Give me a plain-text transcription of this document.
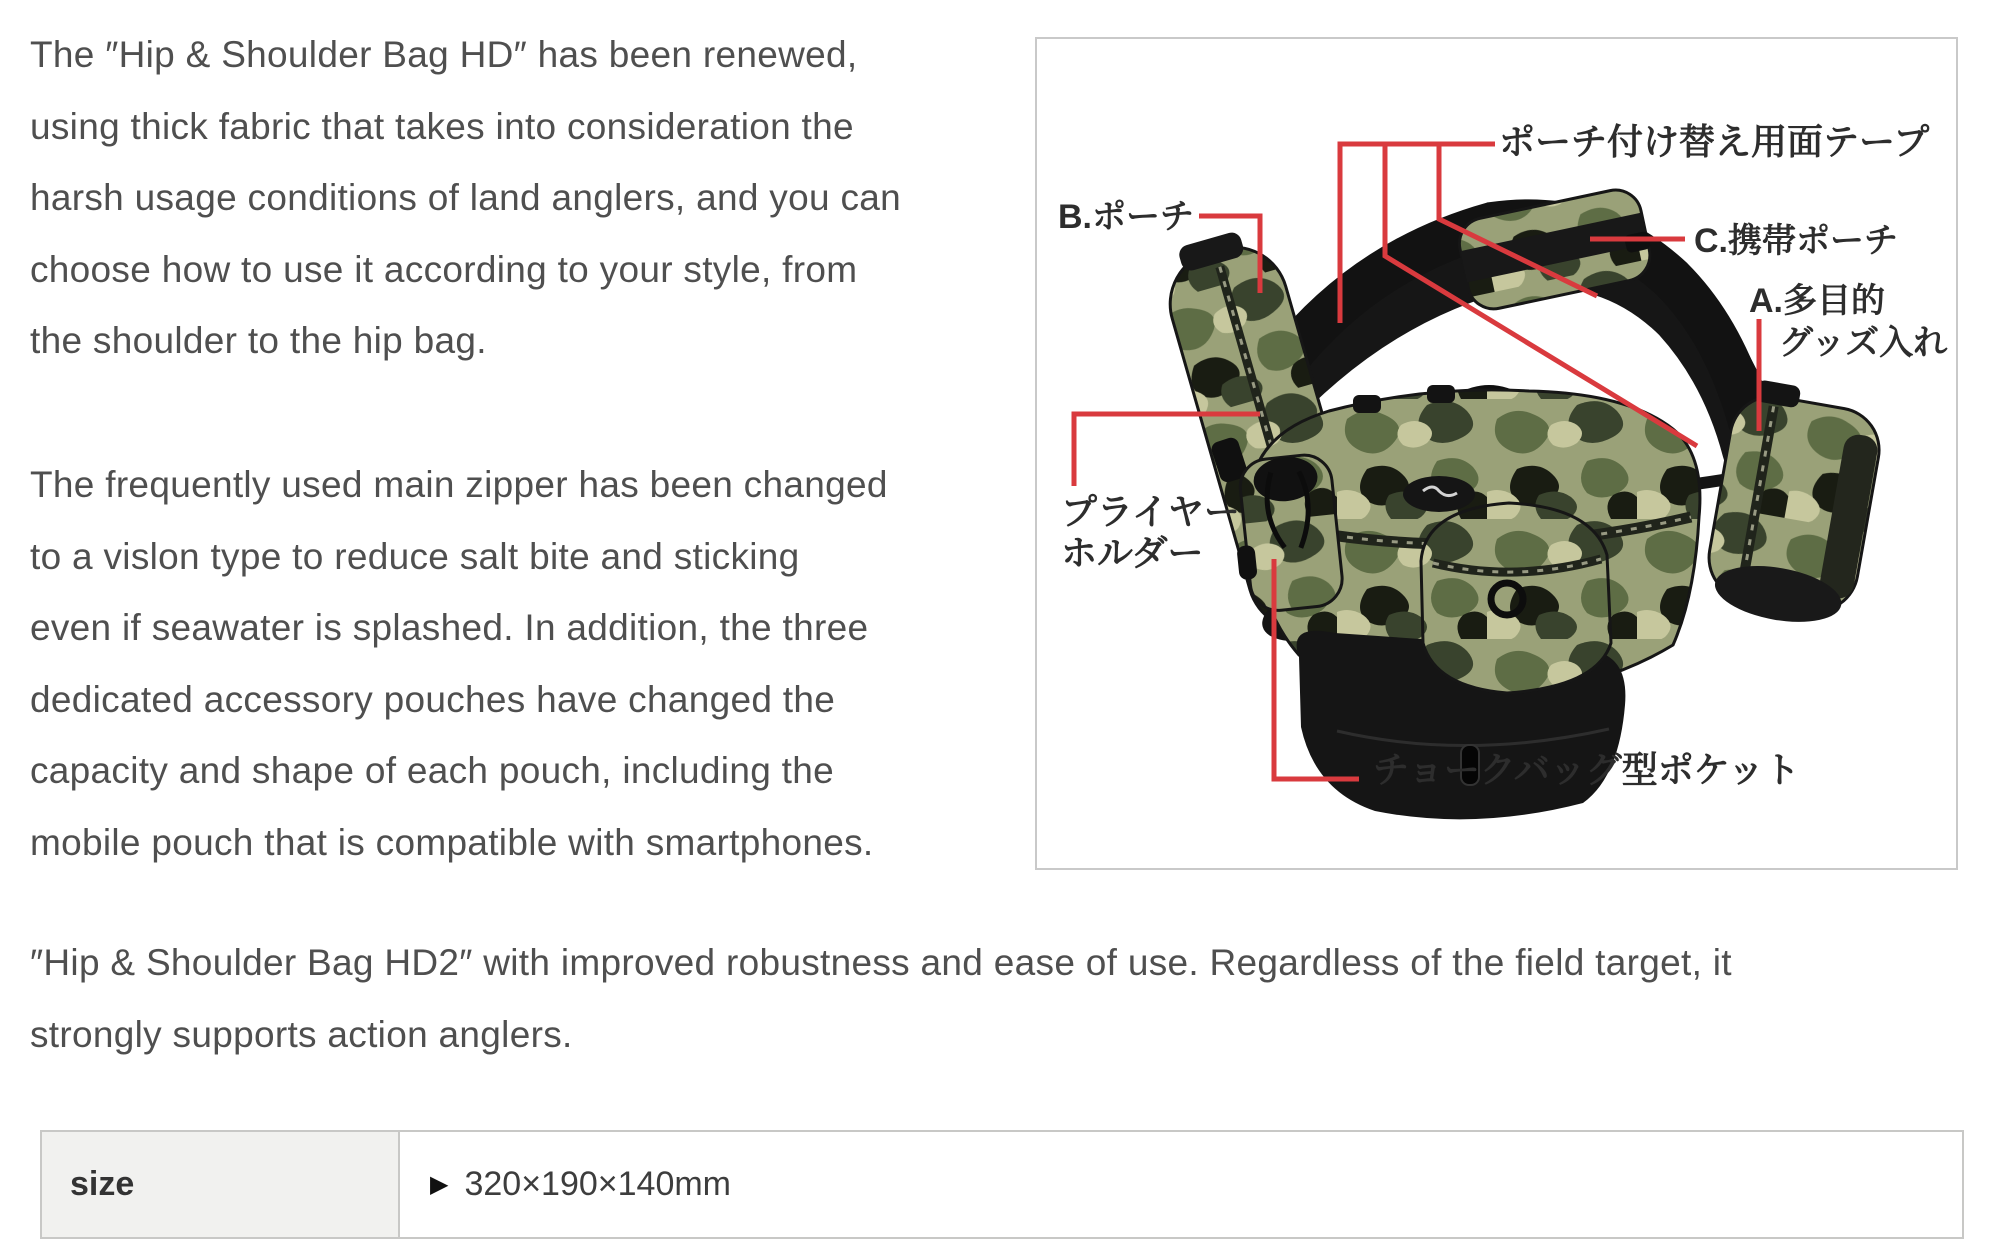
The ″Hip & Shoulder Bag HD″ has been renewed,
using thick fabric that takes into consideration the
harsh usage conditions of land anglers, and you can
choose how to use it according to your style, from
the shoulder to the hip bag.
The frequently used main zipper has been changed
to a vislon type to reduce salt bite and sticking
even if seawater is splashed. In addition, the three
dedicated accessory pouches have changed the
capacity and shape of each pouch, including the
mobile pouch that is compatible with smartphones.
″Hip & Shoulder Bag HD2″ with improved robustness and ease of use. Regardless of the field target, it
strongly supports action anglers.
ポーチ付け替え用面テープ
B.ポーチ
C.携帯ポーチ
A.多目的
グッズ入れ
プライヤー
ホルダー
チョークバッグ型ポケット
size	▶ 320×190×140mm
